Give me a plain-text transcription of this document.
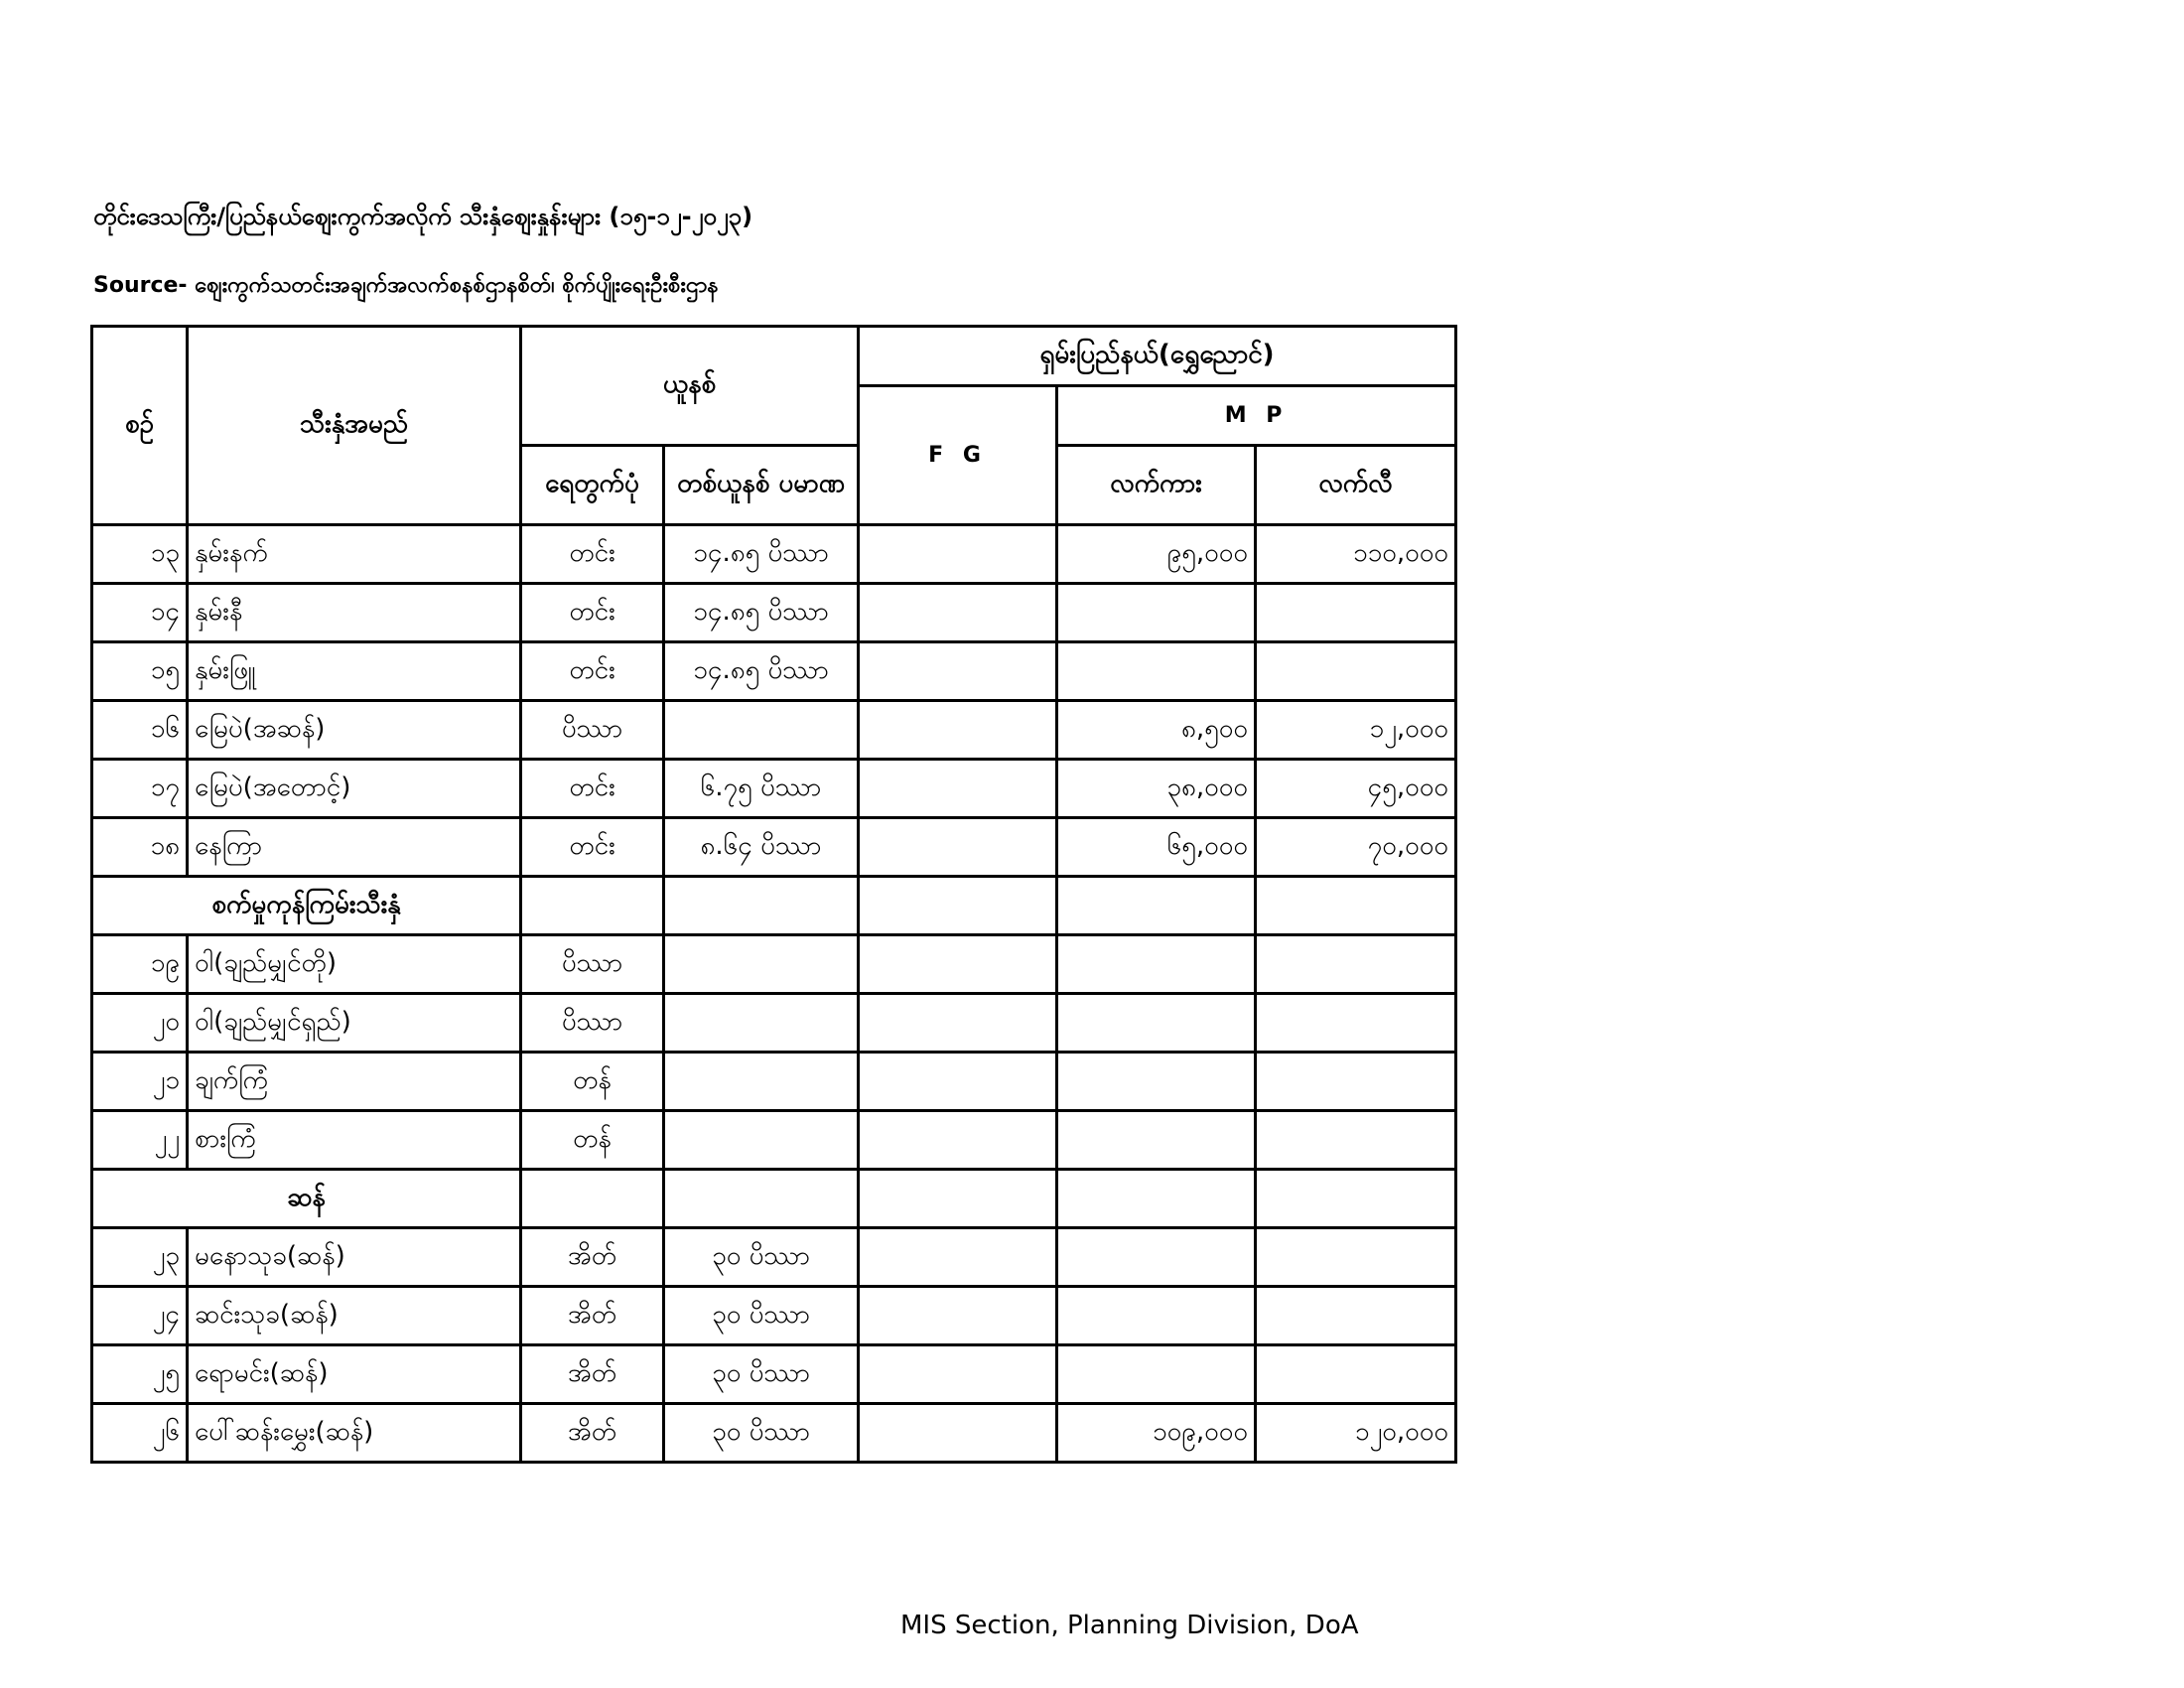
တိုင်းဒေသကြီး/ပြည်နယ်ဈေးကွက်အလိုက် သီးနှံဈေးနှုန်းများ (၁၅-၁၂-၂၀၂၃)
Source- ဈေးကွက်သတင်းအချက်အလက်စနစ်ဌာနစိတ်၊ စိုက်ပျိုးရေးဦးစီးဌာန
စဉ်	သီးနှံအမည်	ယူနစ်		ရှမ်းပြည်နယ်(ရွှေညောင်)		
				F G	M P	
		ရေတွက်ပုံ	တစ်ယူနစ် ပမာဏ		လက်ကား	လက်လီ
၁၃	နှမ်းနက်	တင်း	၁၄.၈၅ ပိဿာ		၉၅,၀၀၀	၁၁၀,၀၀၀
၁၄	နှမ်းနီ	တင်း	၁၄.၈၅ ပိဿာ			
၁၅	နှမ်းဖြူ	တင်း	၁၄.၈၅ ပိဿာ			
၁၆	မြေပဲ(အဆန်)	ပိဿာ			၈,၅၀၀	၁၂,၀၀၀
၁၇	မြေပဲ(အတောင့်)	တင်း	၆.၇၅ ပိဿာ		၃၈,၀၀၀	၄၅,၀၀၀
၁၈	နေကြာ	တင်း	၈.၆၄ ပိဿာ		၆၅,၀၀၀	၇၀,၀၀၀
စက်မှုကုန်ကြမ်းသီးနှံ						
၁၉	ဝါ(ချည်မျှင်တို)	ပိဿာ				
၂၀	ဝါ(ချည်မျှင်ရှည်)	ပိဿာ				
၂၁	ချက်ကြံ	တန်				
၂၂	စားကြံ	တန်				
ဆန်						
၂၃	မနောသုခ(ဆန်)	အိတ်	၃၀ ပိဿာ			
၂၄	ဆင်းသုခ(ဆန်)	အိတ်	၃၀ ပိဿာ			
၂၅	ရောမင်း(ဆန်)	အိတ်	၃၀ ပိဿာ			
၂၆	ပေါ်ဆန်းမွှေး(ဆန်)	အိတ်	၃၀ ပိဿာ		၁၀၉,၀၀၀	၁၂၀,၀၀၀
MIS Section, Planning Division, DoA
